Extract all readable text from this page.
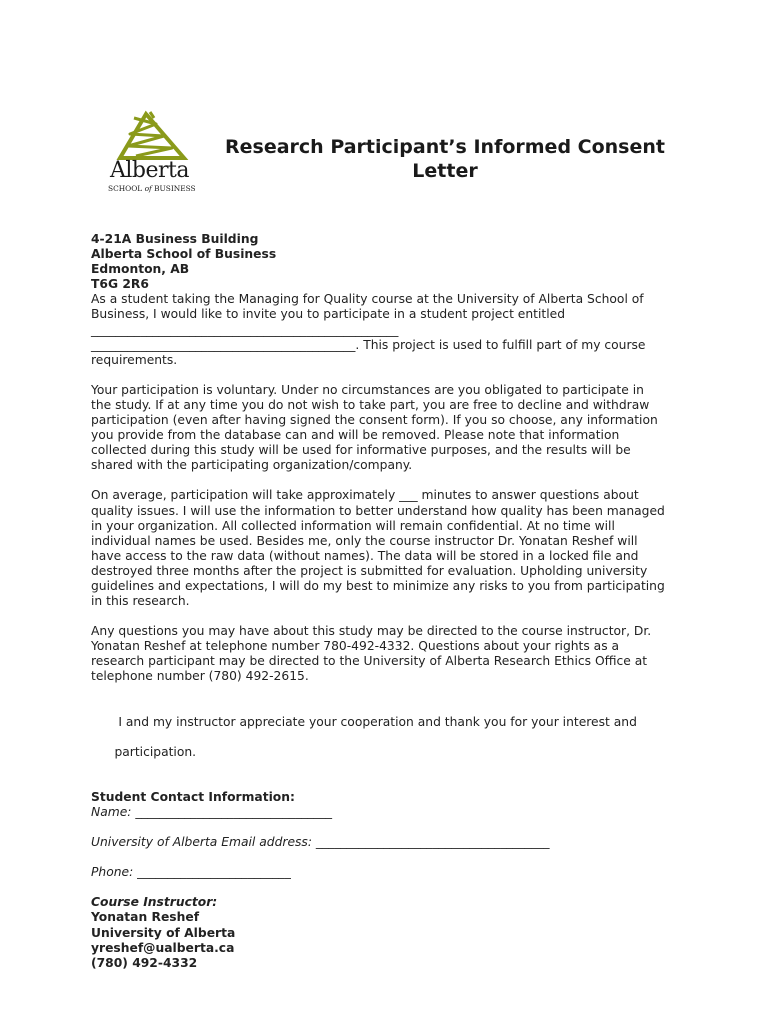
Alberta
SCHOOL of BUSINESS
Research Participant’s Informed Consent
Letter
4-21A Business Building
Alberta School of Business
Edmonton, AB
T6G 2R6

As a student taking the Managing for Quality course at the University of Alberta School of
Business, I would like to invite you to participate in a student project entitled
__________________________________________________
___________________________________________. This project is used to fulfill part of my course
requirements.

Your participation is voluntary. Under no circumstances are you obligated to participate in
the study. If at any time you do not wish to take part, you are free to decline and withdraw
participation (even after having signed the consent form). If you so choose, any information
you provide from the database can and will be removed. Please note that information
collected during this study will be used for informative purposes, and the results will be
shared with the participating organization/company.

On average, participation will take approximately ___ minutes to answer questions about
quality issues. I will use the information to better understand how quality has been managed
in your organization. All collected information will remain confidential. At no time will
individual names be used. Besides me, only the course instructor Dr. Yonatan Reshef will
have access to the raw data (without names). The data will be stored in a locked file and
destroyed three months after the project is submitted for evaluation. Upholding university
guidelines and expectations, I will do my best to minimize any risks to you from participating
in this research.

Any questions you may have about this study may be directed to the course instructor, Dr.
Yonatan Reshef at telephone number 780-492-4332. Questions about your rights as a
research participant may be directed to the University of Alberta Research Ethics Office at
telephone number (780) 492-2615.

I and my instructor appreciate your cooperation and thank you for your interest and

participation.

Student Contact Information:
Name: ________________________________
University of Alberta Email address: ______________________________________
Phone: _________________________
Course Instructor:
Yonatan Reshef
University of Alberta
yreshef@ualberta.ca
(780) 492-4332
